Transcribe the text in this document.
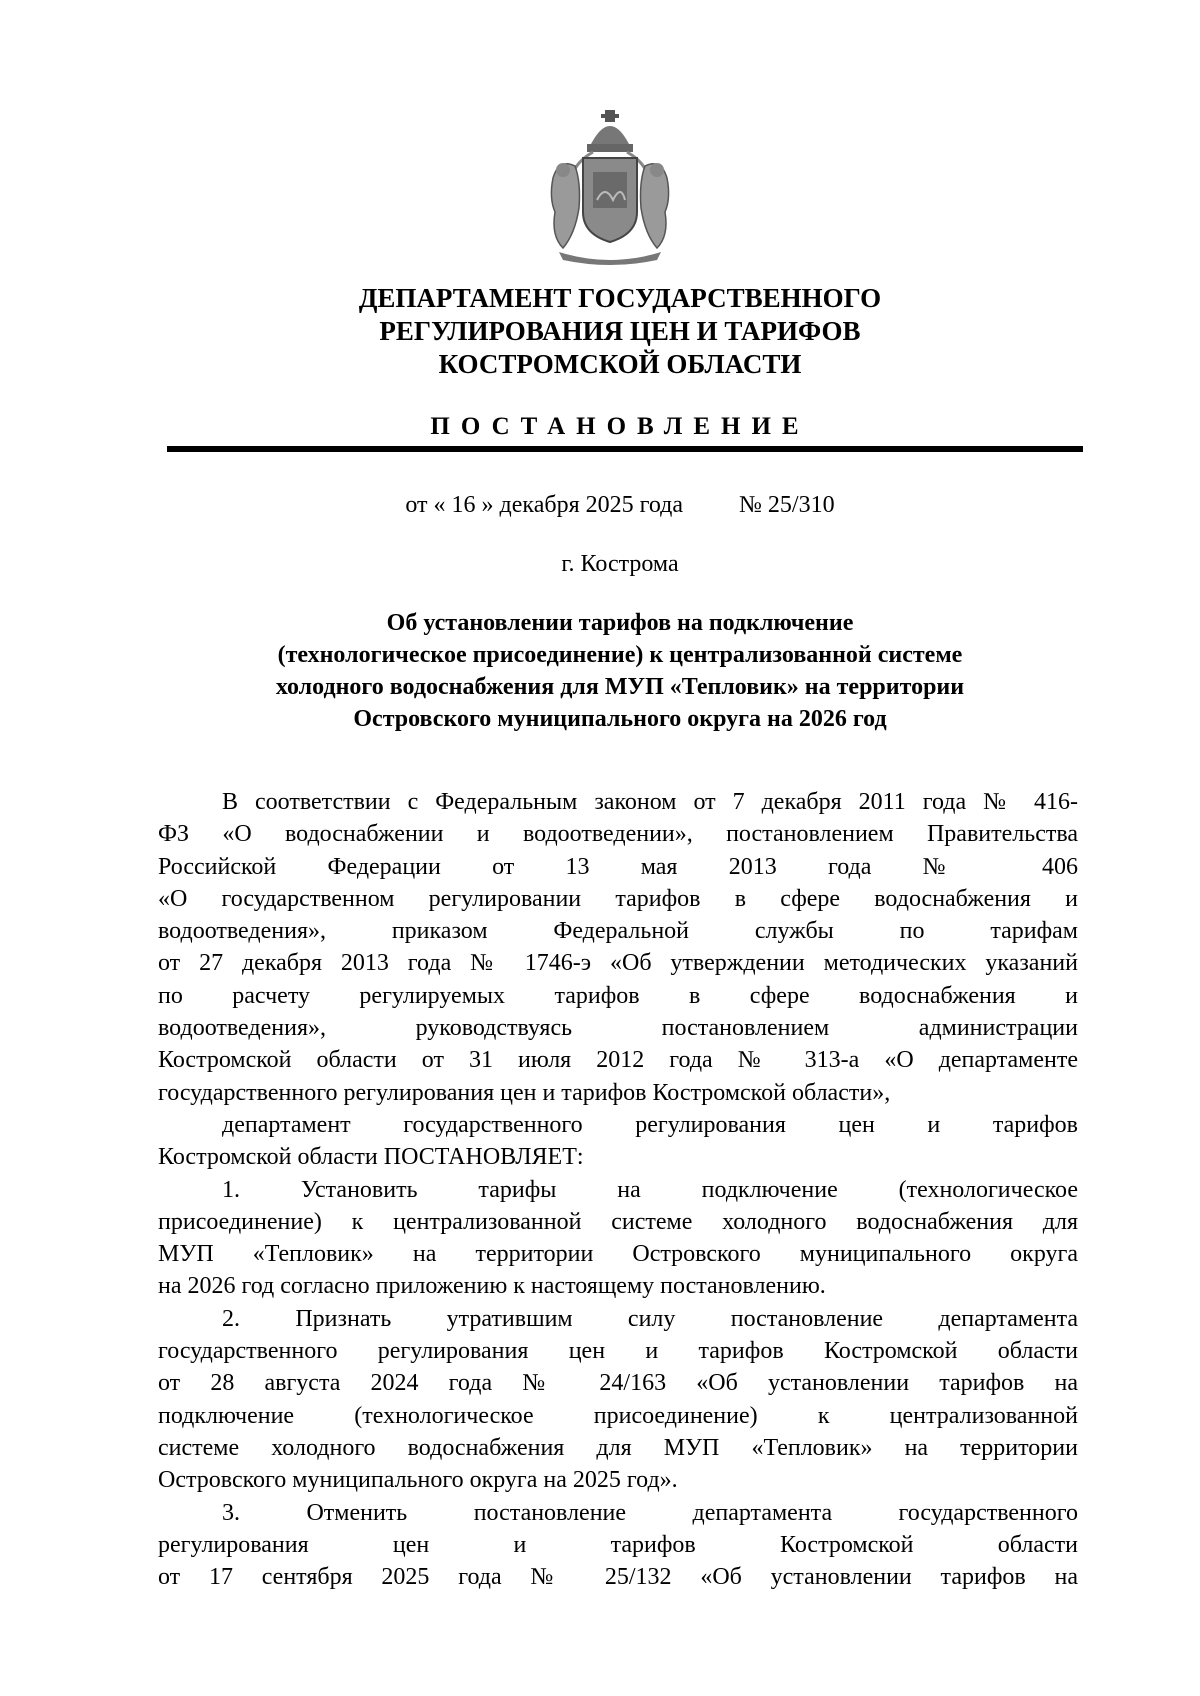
ДЕПАРТАМЕНТ ГОСУДАРСТВЕННОГО
РЕГУЛИРОВАНИЯ ЦЕН И ТАРИФОВ
КОСТРОМСКОЙ ОБЛАСТИ
ПОСТАНОВЛЕНИЕ
от « 16 » декабря 2025 года № 25/310
г. Кострома
Об установлении тарифов на подключение
(технологическое присоединение) к централизованной системе
холодного водоснабжения для МУП «Тепловик» на территории
Островского муниципального округа на 2026 год
В соответствии с Федеральным законом от 7 декабря 2011 года № 416-
ФЗ «О водоснабжении и водоотведении», постановлением Правительства
Российской Федерации от 13 мая 2013 года № 406
«О государственном регулировании тарифов в сфере водоснабжения и
водоотведения», приказом Федеральной службы по тарифам
от 27 декабря 2013 года № 1746-э «Об утверждении методических указаний
по расчету регулируемых тарифов в сфере водоснабжения и
водоотведения», руководствуясь постановлением администрации
Костромской области от 31 июля 2012 года № 313-а «О департаменте
государственного регулирования цен и тарифов Костромской области»,
департамент государственного регулирования цен и тарифов
Костромской области ПОСТАНОВЛЯЕТ:
1. Установить тарифы на подключение (технологическое
присоединение) к централизованной системе холодного водоснабжения для
МУП «Тепловик» на территории Островского муниципального округа
на 2026 год согласно приложению к настоящему постановлению.
2. Признать утратившим силу постановление департамента
государственного регулирования цен и тарифов Костромской области
от 28 августа 2024 года № 24/163 «Об установлении тарифов на
подключение (технологическое присоединение) к централизованной
системе холодного водоснабжения для МУП «Тепловик» на территории
Островского муниципального округа на 2025 год».
3. Отменить постановление департамента государственного
регулирования цен и тарифов Костромской области
от 17 сентября 2025 года № 25/132 «Об установлении тарифов на
